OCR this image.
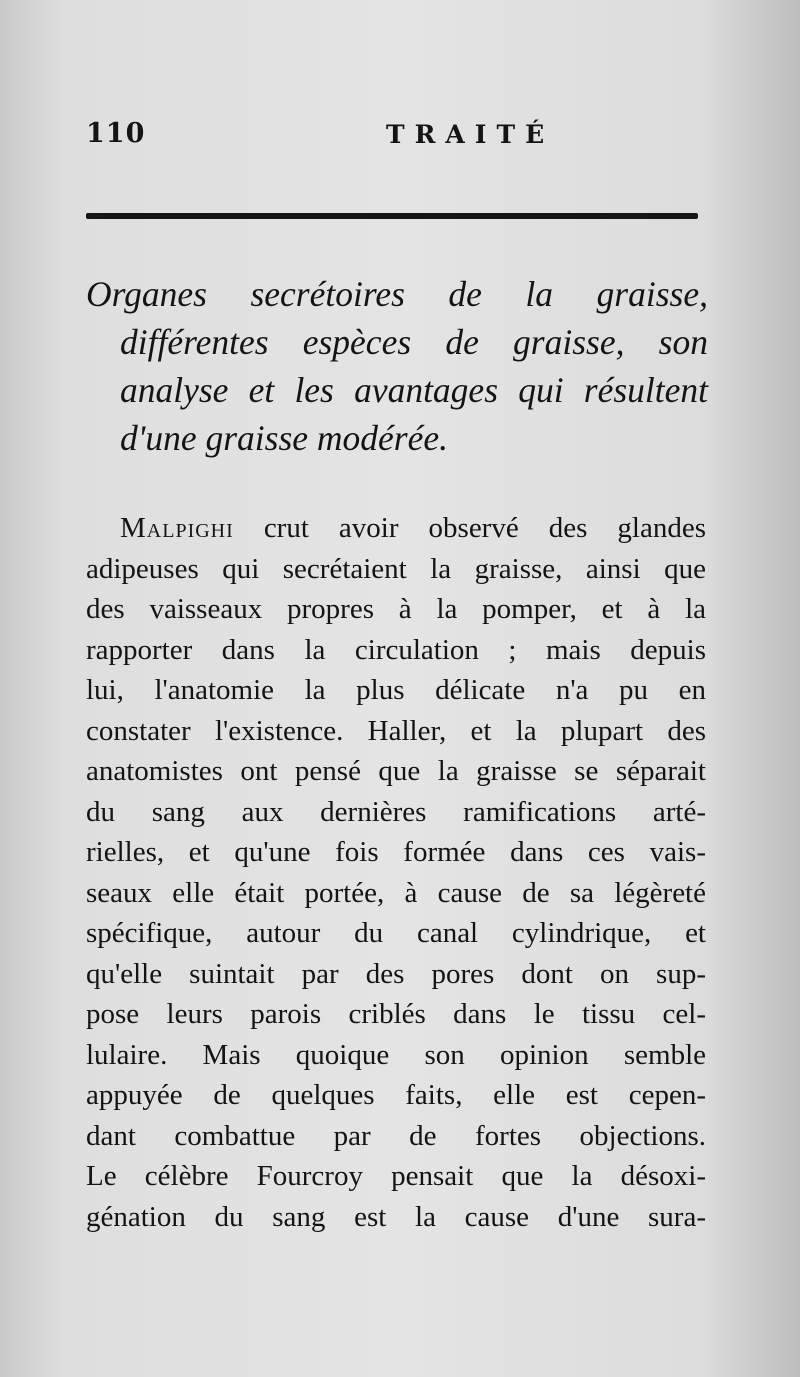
110	TRAITÉ
Organes secrétoires de la graisse, différentes espèces de graisse, son analyse et les avantages qui résultent d'une graisse modérée.
Malpighi crut avoir observé des glandes
adipeuses qui secrétaient la graisse, ainsi que
des vaisseaux propres à la pomper, et à la
rapporter dans la circulation ; mais depuis
lui, l'anatomie la plus délicate n'a pu en
constater l'existence. Haller, et la plupart des
anatomistes ont pensé que la graisse se séparait
du sang aux dernières ramifications arté-
rielles, et qu'une fois formée dans ces vais-
seaux elle était portée, à cause de sa légèreté
spécifique, autour du canal cylindrique, et
qu'elle suintait par des pores dont on sup-
pose leurs parois criblés dans le tissu cel-
lulaire. Mais quoique son opinion semble
appuyée de quelques faits, elle est cepen-
dant combattue par de fortes objections.
Le célèbre Fourcroy pensait que la désoxi-
génation du sang est la cause d'une sura-
